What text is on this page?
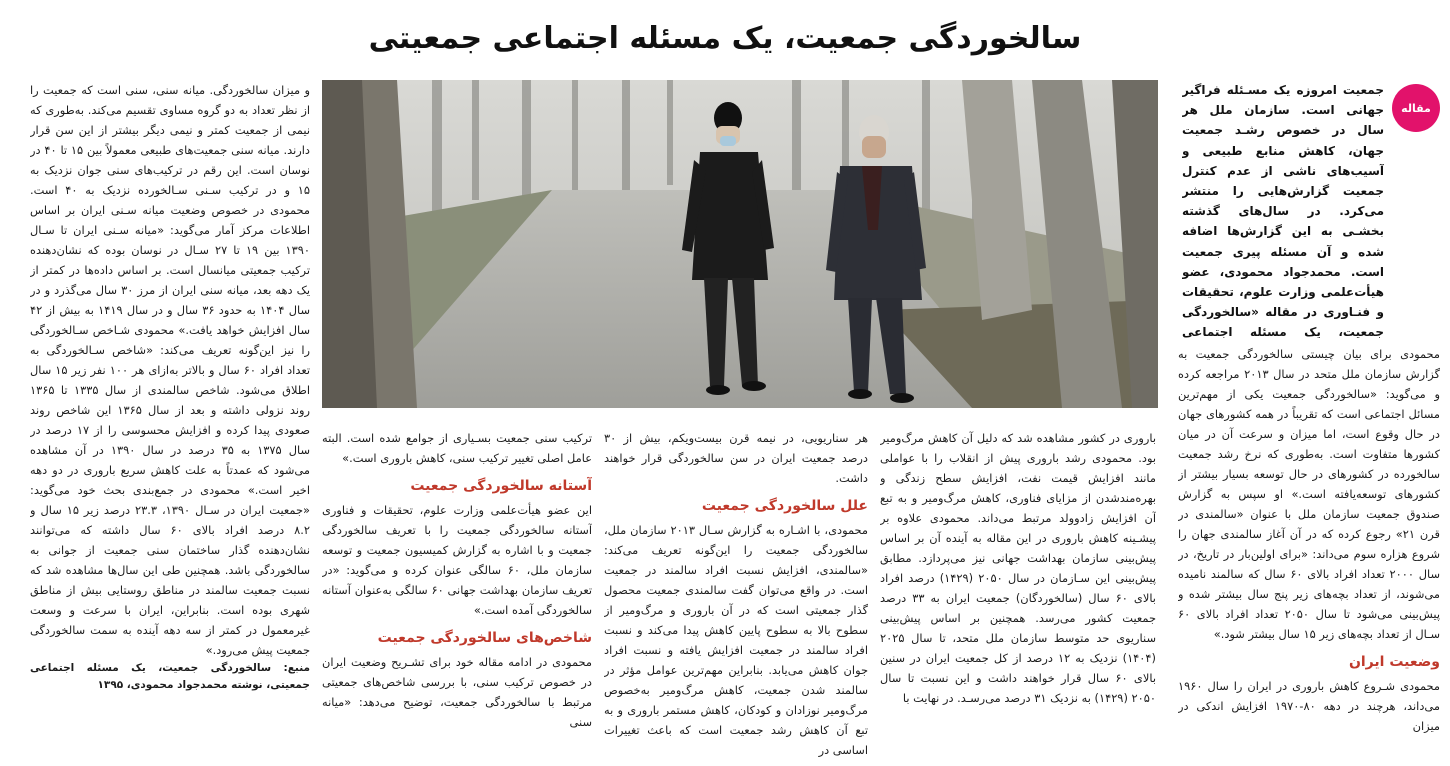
سالخوردگی جمعیت، یک مسئله اجتماعی جمعیتی
مقاله

جمعیت امروزه یک مسـئله فراگیر جهانی است. سازمان ملل هر سال در خصوص رشـد جمعیت جهان، کاهش منابع طبیعی و آسیب‌های ناشی از عدم کنترل جمعیت گزارش‌هایی را منتشر می‌کرد. در سال‌های گذشته بخشـی به این گزارش‌ها اضافه شده و آن مسئله پیری جمعیت است. محمدجواد محمودی، عضو هیأت‌علمی وزارت علوم، تحقیقات و فنـاوری در مقاله «سالخوردگی جمعیت، یک مسئله اجتماعی

محمودی برای بیان چیستی سالخوردگی جمعیت به گزارش سازمان ملل متحد در سال ۲۰۱۳ مراجعه کرده و می‌گوید: «سالخوردگی جمعیت یکی از مهم‌ترین مسائل اجتماعی است که تقریباً در همه کشورهای جهان در حال وقوع است، اما میزان و سرعت آن در میان کشورها متفاوت است. به‌طوری که نرخ رشد جمعیت سالخورده در کشورهای در حال توسعه بسیار بیشتر از کشورهای توسعه‌یافته است.» او سپس به گزارش صندوق جمعیت سازمان ملل با عنوان «سالمندی در قرن ۲۱» رجوع کرده که در آن آغاز سالمندی جهان را شروع هزاره سوم می‌داند: «برای اولین‌بار در تاریخ، در سال ۲۰۰۰ تعداد افراد بالای ۶۰ سال که سالمند نامیده می‌شوند، از تعداد بچه‌های زیر پنج سال بیشتر شده و پیش‌بینی می‌شود تا سال ۲۰۵۰ تعداد افراد بالای ۶۰ سـال از تعداد بچه‌های زیر ۱۵ سال بیشتر شود.»

وضعیت ایران

محمودی شـروع کاهش باروری در ایران را سال ۱۹۶۰ می‌داند، هرچند در دهه ۸۰-۱۹۷۰ افزایش اندکی در میزان

باروری در کشور مشاهده شد که دلیل آن کاهش مرگ‌ومیر بود. محمودی رشد باروری پیش از انقلاب را با عواملی مانند افزایش قیمت نفت، افزایش سطح زندگی و بهره‌مندشدن از مزایای فناوری، کاهش مرگ‌ومیر و به تبع آن افزایش زادوولد مرتبط می‌داند. محمودی علاوه بر پیشـینه کاهش باروری در این مقاله به آینده آن بر اساس پیش‌بینی سازمان بهداشت جهانی نیز می‌پردازد. مطابق پیش‌بینی این سـازمان در سال ۲۰۵۰ (۱۴۲۹) درصد افراد بالای ۶۰ سال (سالخوردگان) جمعیت ایران به ۳۳ درصد جمعیت کشور می‌رسد. همچنین بر اساس پیش‌بینی سناریوی حد متوسط سازمان ملل متحد، تا سال ۲۰۲۵ (۱۴۰۴) نزدیک به ۱۲ درصد از کل جمعیت ایران در سنین بالای ۶۰ سال قرار خواهند داشت و این نسبت تا سال ۲۰۵۰ (۱۴۲۹) به نزدیک ۳۱ درصد می‌رسـد. در نهایت با

هر سناریویی، در نیمه قرن بیست‌ویکم، بیش از ۳۰ درصد جمعیت ایران در سن سالخوردگی قرار خواهند داشت.

علل سالخوردگی جمعیت

محمودی، با اشـاره به گزارش سـال ۲۰۱۳ سازمان ملل، سالخوردگی جمعیت را این‌گونه تعریف می‌کند: «سالمندی، افزایش نسبت افراد سالمند در جمعیت است. در واقع می‌توان گفت سالمندی جمعیت محصول گذار جمعیتی است که در آن باروری و مرگ‌ومیر از سطوح بالا به سطوح پایین کاهش پیدا می‌کند و نسبت افراد سالمند در جمعیت افزایش یافته و نسبت افراد جوان کاهش می‌یابد. بنابراین مهم‌ترین عوامل مؤثر در سالمند شدن جمعیت، کاهش مرگ‌ومیر به‌خصوص مرگ‌ومیر نوزادان و کودکان، کاهش مستمر باروری و به تبع آن کاهش رشد جمعیت است که باعث تغییرات اساسی در

ترکیب سنی جمعیت بسـیاری از جوامع شده است. البته عامل اصلی تغییر ترکیب سنی، کاهش باروری است.»

آستانه سالخوردگی جمعیت

این عضو هیأت‌علمی وزارت علوم، تحقیقات و فناوری آستانه سالخوردگی جمعیت را با تعریف سالخوردگی جمعیت و با اشاره به گزارش کمیسیون جمعیت و توسعه سازمان ملل، ۶۰ سالگی عنوان کرده و می‌گوید: «در تعریف سازمان بهداشت جهانی ۶۰ سالگی به‌عنوان آستانه سالخوردگی آمده است.»

شاخص‌های سالخوردگی جمعیت

محمودی در ادامه مقاله خود برای تشـریح وضعیت ایران در خصوص ترکیب سنی، با بررسی شاخص‌های جمعیتی مرتبط با سالخوردگی جمعیت، توضیح می‌دهد: «میانه سنی

و میزان سالخوردگی. میانه سنی، سنی است که جمعیت را از نظر تعداد به دو گروه مساوی تقسیم می‌کند. به‌طوری که نیمی از جمعیت کمتر و نیمی دیگر بیشتر از این سن قرار دارند. میانه سنی جمعیت‌های طبیعی معمولاً بین ۱۵ تا ۴۰ در نوسان است. این رقم در ترکیب‌های سنی جوان نزدیک به ۱۵ و در ترکیب سـنی سـالخورده نزدیک به ۴۰ است. محمودی در خصوص وضعیت میانه سـنی ایران بر اساس اطلاعات مرکز آمار می‌گوید: «میانه سـنی ایران تا سـال ۱۳۹۰ بین ۱۹ تا ۲۷ سـال در نوسان بوده که نشان‌دهنده ترکیب جمعیتی میانسال است. بر اساس داده‌ها در کمتر از یک دهه بعد، میانه سنی ایران از مرز ۳۰ سال می‌گذرد و در سال ۱۴۰۴ به حدود ۳۶ سال و در سال ۱۴۱۹ به بیش از ۴۲ سال افزایش خواهد یافت.» محمودی شـاخص سـالخوردگی را نیز این‌گونه تعریف می‌کند: «شاخص سـالخوردگی به تعداد افراد ۶۰ سال و بالاتر به‌ازای هر ۱۰۰ نفر زیر ۱۵ سال اطلاق می‌شود. شاخص سالمندی از سال ۱۳۳۵ تا ۱۳۶۵ روند نزولی داشته و بعد از سال ۱۳۶۵ این شاخص روند صعودی پیدا کرده و افزایش محسوسی را از ۱۷ درصد در سال ۱۳۷۵ به ۳۵ درصد در سال ۱۳۹۰ در آن مشاهده می‌شود که عمدتاً به علت کاهش سریع باروری در دو دهه اخیر است.» محمودی در جمع‌بندی بحث خود می‌گوید: «جمعیت ایران در سـال ۱۳۹۰، ۲۳.۳ درصد زیر ۱۵ سال و ۸.۲ درصد افراد بالای ۶۰ سال داشته که می‌توانند نشان‌دهنده گذار ساختمان سنی جمعیت از جوانی به سالخوردگی باشد. همچنین طی این سال‌ها مشاهده شد که نسبت جمعیت سالمند در مناطق روستایی بیش از مناطق شهری بوده است. بنابراین، ایران با سرعت و وسعت غیرمعمول در کمتر از سه دهه آینده به سمت سالخوردگی جمعیت پیش می‌رود.»

منبع: سالخوردگی جمعیت، یک مسئله اجتماعی جمعیتی، نوشته محمدجواد محمودی، ۱۳۹۵
